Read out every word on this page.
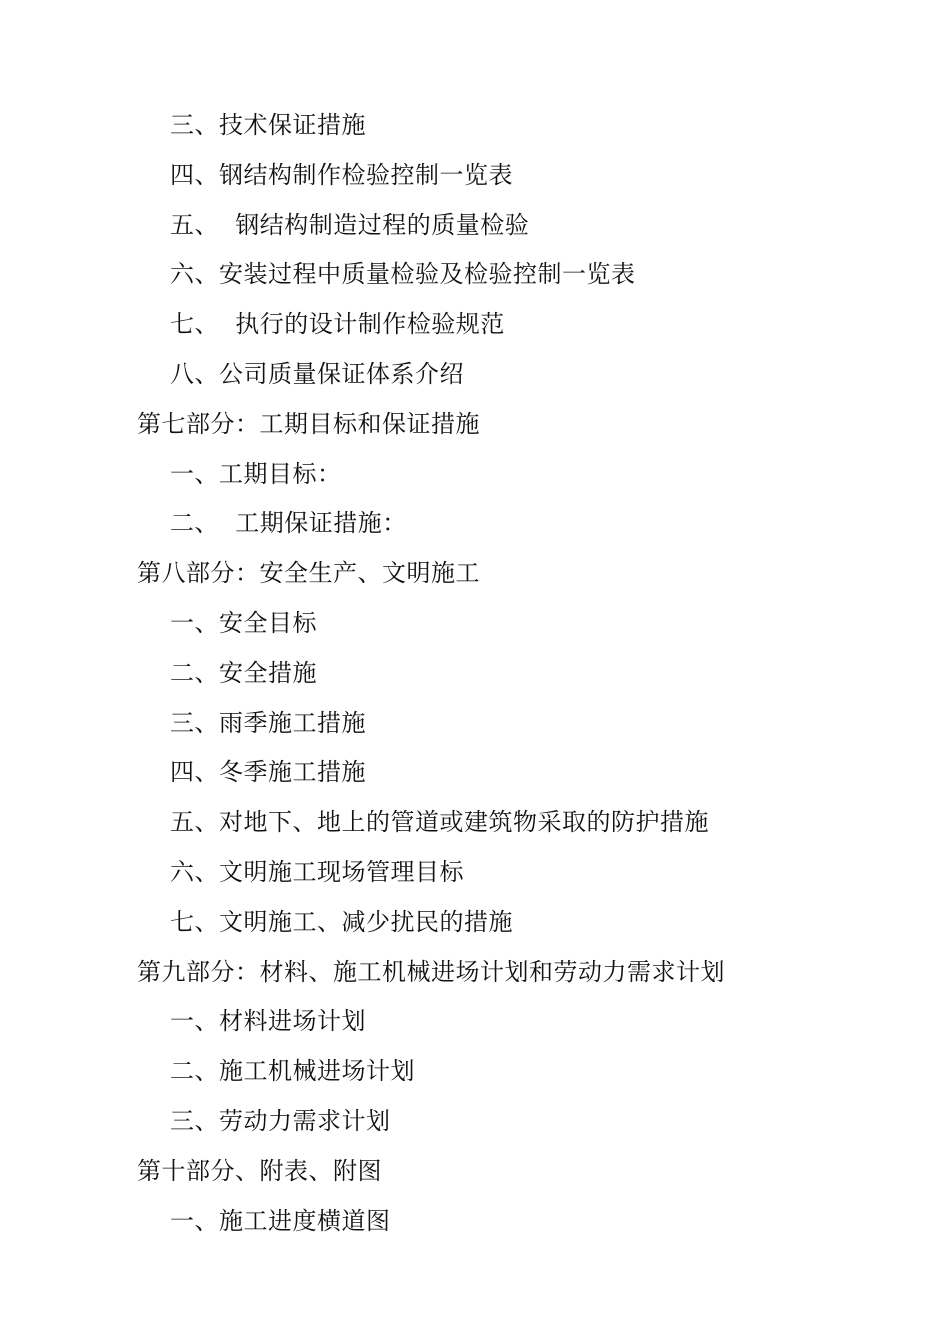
三、技术保证措施
四、钢结构制作检验控制一览表
五、  钢结构制造过程的质量检验
六、安装过程中质量检验及检验控制一览表
七、  执行的设计制作检验规范
八、公司质量保证体系介绍
第七部分：工期目标和保证措施
一、工期目标：
二、  工期保证措施：
第八部分：安全生产、文明施工
一、安全目标
二、安全措施
三、雨季施工措施
四、冬季施工措施
五、对地下、地上的管道或建筑物采取的防护措施
六、文明施工现场管理目标
七、文明施工、减少扰民的措施
第九部分：材料、施工机械进场计划和劳动力需求计划
一、材料进场计划
二、施工机械进场计划
三、劳动力需求计划
第十部分、附表、附图
一、施工进度横道图
